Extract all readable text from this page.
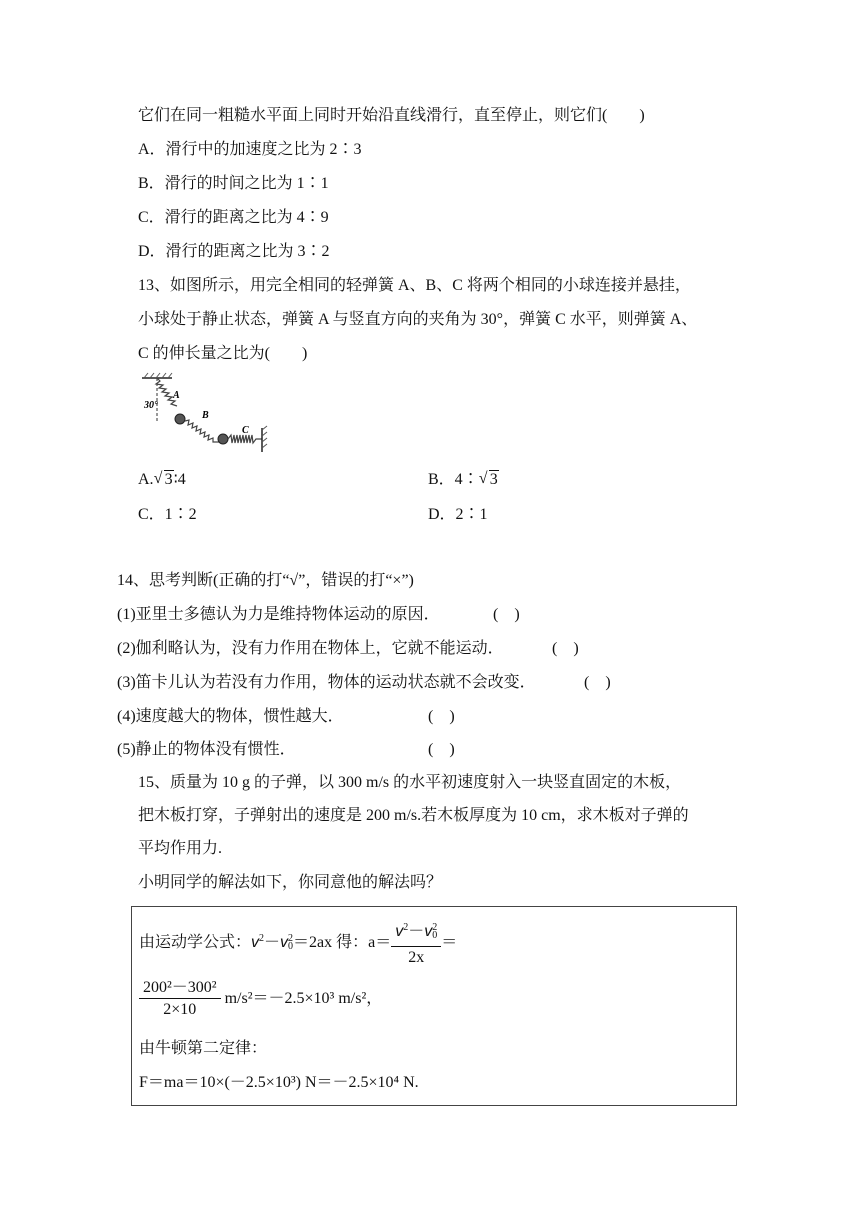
它们在同一粗糙水平面上同时开始沿直线滑行，直至停止，则它们(　　)
A．滑行中的加速度之比为 2∶3
B．滑行的时间之比为 1∶1
C．滑行的距离之比为 4∶9
D．滑行的距离之比为 3∶2
13、如图所示，用完全相同的轻弹簧 A、B、C 将两个相同的小球连接并悬挂，
小球处于静止状态，弹簧 A 与竖直方向的夹角为 30°，弹簧 C 水平，则弹簧 A、
C 的伸长量之比为(　　)
30°
A
B
C
A. √ 3∶4	B．4∶ √ 3
C．1∶2	D．2∶1
14、思考判断(正确的打“√”，错误的打“×”)
(1)亚里士多德认为力是维持物体运动的原因．	(　)
(2)伽利略认为，没有力作用在物体上，它就不能运动．	(　)
(3)笛卡儿认为若没有力作用，物体的运动状态就不会改变．	(　)
(4)速度越大的物体，惯性越大．	(　)
(5)静止的物体没有惯性．	(　)
15、质量为 10 g 的子弹，以 300 m/s 的水平初速度射入一块竖直固定的木板，
把木板打穿，子弹射出的速度是 200 m/s.若木板厚度为 10 cm，求木板对子弹的
平均作用力.
小明同学的解法如下，你同意他的解法吗？
由运动学公式：$v^2-v^2_0=2ax$ 得：$a= \frac{v^2-v^2_0}{2x}$ ＝
$\frac{\text{200²－300²}}{2\times 10} m/s^2=-2.5\times 10^3$ m/s²，
由牛顿第二定律：
F＝ma＝10×(－2.5×10³) N＝－2.5×10⁴ N.
